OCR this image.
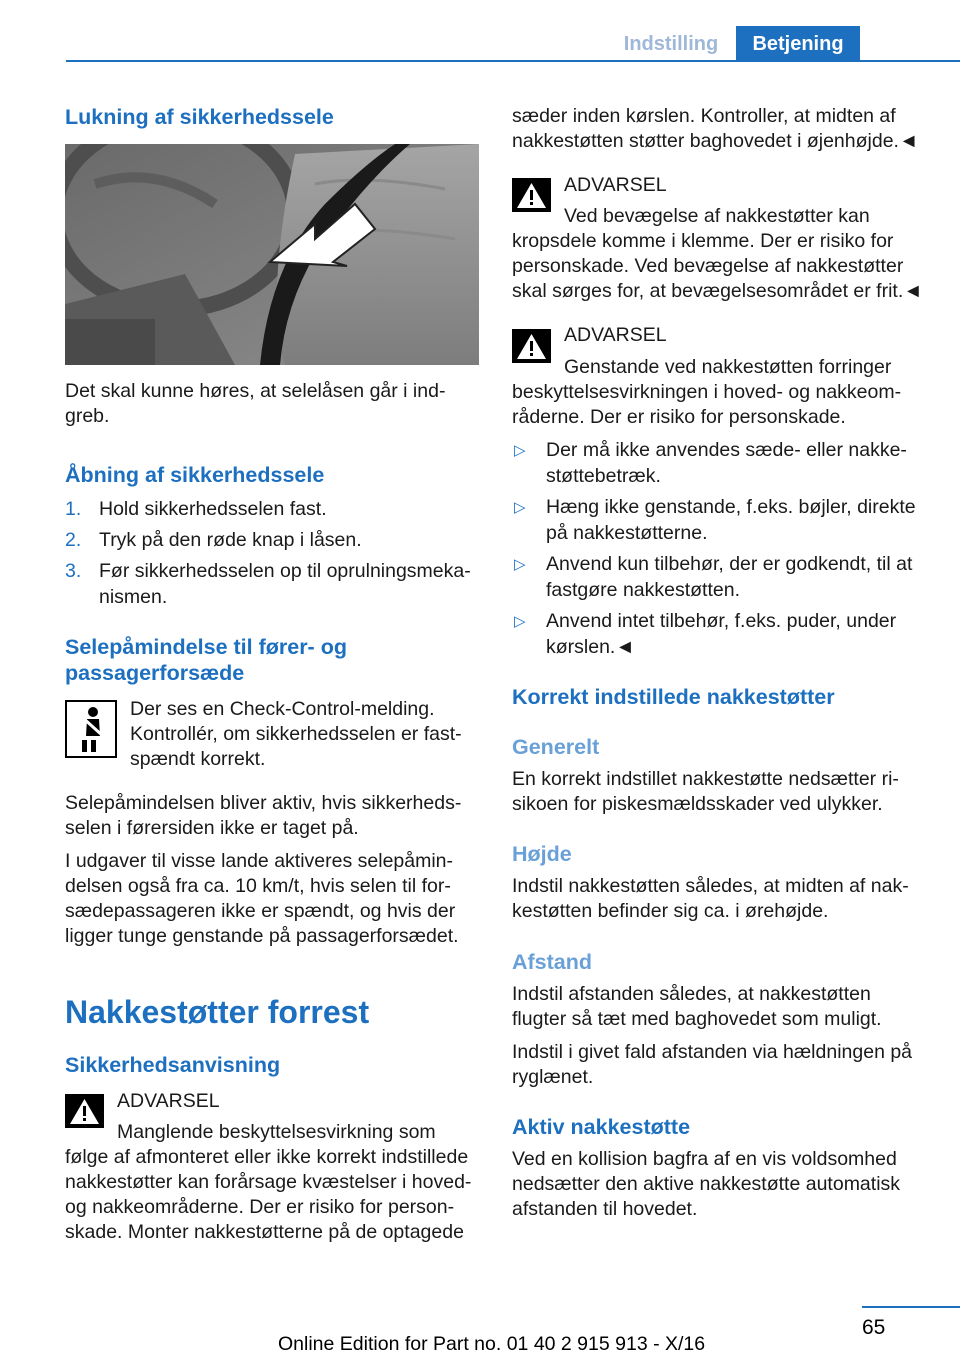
Indstilling	Betjening
Lukning af sikkerhedssele

Det skal kunne høres, at selelåsen går i ind-

greb.

Åbning af sikkerhedssele
1. Hold sikkerhedsselen fast.
2. Tryk på den røde knap i låsen.
3. Før sikkerhedsselen op til oprulningsmeka-
nismen.
Selepåmindelse til fører- og
passagerforsæde

Der ses en Check-Control-melding.

Kontrollér, om sikkerhedsselen er fast-

spændt korrekt.

Selepåmindelsen bliver aktiv, hvis sikkerheds-

selen i førersiden ikke er taget på.

I udgaver til visse lande aktiveres selepåmin-

delsen også fra ca. 10 km/t, hvis selen til for-

sædepassageren ikke er spændt, og hvis der

ligger tunge genstande på passagerforsædet.

Nakkestøtter forrest
Sikkerhedsanvisning

ADVARSEL

Manglende beskyttelsesvirkning som

følge af afmonteret eller ikke korrekt indstillede

nakkestøtter kan forårsage kvæstelser i hoved-

og nakkeområderne. Der er risiko for person-

skade. Monter nakkestøtterne på de optagede

sæder inden kørslen. Kontroller, at midten af

nakkestøtten støtter baghovedet i øjenhøjde.◄

ADVARSEL

Ved bevægelse af nakkestøtter kan

kropsdele komme i klemme. Der er risiko for

personskade. Ved bevægelse af nakkestøtter

skal sørges for, at bevægelsesområdet er frit.◄

ADVARSEL

Genstande ved nakkestøtten forringer

beskyttelsesvirkningen i hoved- og nakkeom-

råderne. Der er risiko for personskade.

▷ Der må ikke anvendes sæde- eller nakke-
støttebetræk.
▷ Hæng ikke genstande, f.eks. bøjler, direkte
på nakkestøtterne.
▷ Anvend kun tilbehør, der er godkendt, til at
fastgøre nakkestøtten.
▷ Anvend intet tilbehør, f.eks. puder, under
kørslen.◄
Korrekt indstillede nakkestøtter
Generelt

En korrekt indstillet nakkestøtte nedsætter ri-

sikoen for piskesmældsskader ved ulykker.

Højde

Indstil nakkestøtten således, at midten af nak-

kestøtten befinder sig ca. i ørehøjde.

Afstand

Indstil afstanden således, at nakkestøtten

flugter så tæt med baghovedet som muligt.

Indstil i givet fald afstanden via hældningen på

ryglænet.

Aktiv nakkestøtte

Ved en kollision bagfra af en vis voldsomhed

nedsætter den aktive nakkestøtte automatisk

afstanden til hovedet.

65
Online Edition for Part no. 01 40 2 915 913 - X/16
